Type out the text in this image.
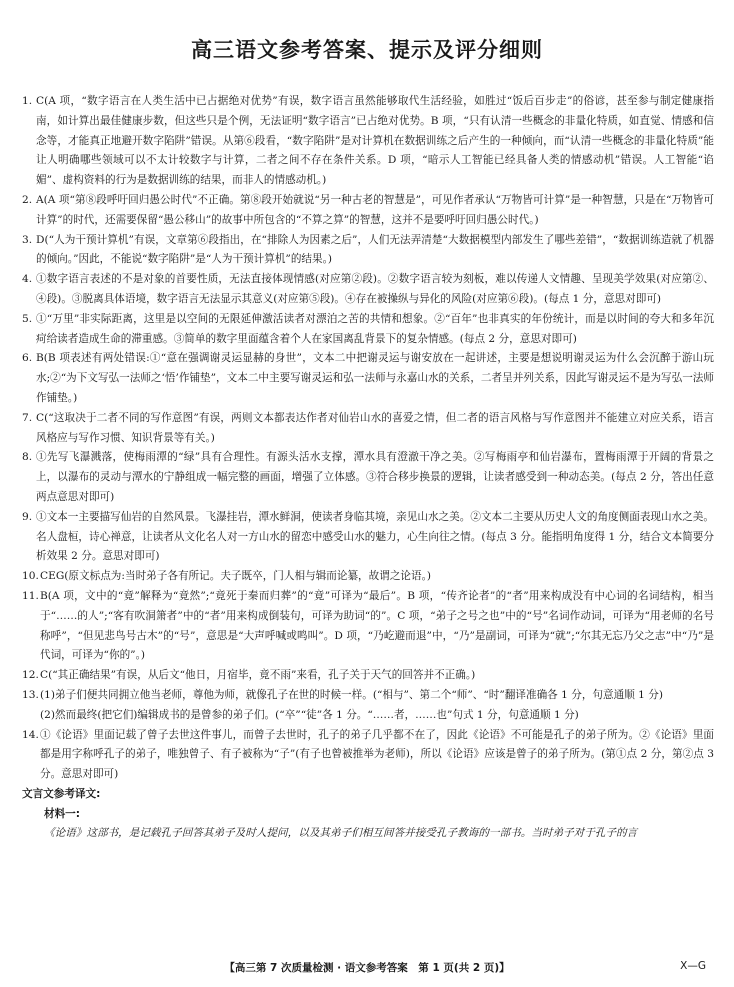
高三语文参考答案、提示及评分细则
1. C(A 项，“数字语言在人类生活中已占据绝对优势”有误，数字语言虽然能够取代生活经验，如胜过“饭后百步走”的俗谚，甚至参与制定健康指南，如计算出最佳健康步数，但这些只是个例，无法证明“数字语言”已占绝对优势。B 项，“只有认清一些概念的非量化特质，如直觉、情感和信念等，才能真正地避开数字陷阱”错误。从第⑥段看，“数字陷阱”是对计算机在数据训练之后产生的一种倾向，而“认清一些概念的非量化特质”能让人明确哪些领域可以不太计较数字与计算，二者之间不存在条件关系。D 项，“暗示人工智能已经具备人类的情感动机”错误。人工智能“谄媚”、虚构资料的行为是数据训练的结果，而非人的情感动机。)
2. A(A 项“第⑧段呼吁回归愚公时代”不正确。第⑧段开始就说“另一种古老的智慧是”，可见作者承认“万物皆可计算”是一种智慧，只是在“万物皆可计算”的时代，还需要保留“愚公移山”的故事中所包含的“不算之算”的智慧，这并不是要呼吁回归愚公时代。)
3. D(“人为干预计算机”有误，文章第⑥段指出，在“排除人为因素之后”，人们无法弄清楚“大数据模型内部发生了哪些差错”，“数据训练造就了机器的倾向。”因此，不能说“数字陷阱”是“人为干预计算机”的结果。)
4. ①数字语言表述的不是对象的首要性质，无法直接体现情感(对应第②段)。②数字语言较为刻板，难以传递人文情趣、呈现美学效果(对应第②、④段)。③脱离具体语境，数字语言无法显示其意义(对应第⑤段)。④存在被操纵与异化的风险(对应第⑥段)。(每点 1 分，意思对即可)
5. ①“万里”非实际距离，这里是以空间的无限延伸激活读者对漂泊之苦的共情和想象。②“百年”也非真实的年份统计，而是以时间的夸大和多年沉疴给读者造成生命的滞重感。③简单的数字里面蕴含着个人在家国离乱背景下的复杂情感。(每点 2 分，意思对即可)
6. B(B 项表述有两处错误:①“意在强调谢灵运显赫的身世”，文本二中把谢灵运与谢安放在一起讲述，主要是想说明谢灵运为什么会沉醉于游山玩水;②“为下文写弘一法师之‘悟’作铺垫”，文本二中主要写谢灵运和弘一法师与永嘉山水的关系，二者呈并列关系，因此写谢灵运不是为写弘一法师作铺垫。)
7. C(“这取决于二者不同的写作意图”有误，两则文本都表达作者对仙岩山水的喜爱之情，但二者的语言风格与写作意图并不能建立对应关系，语言风格应与写作习惯、知识背景等有关。)
8. ①先写飞瀑溅落，使梅雨潭的“绿”具有合理性。有源头活水支撑，潭水具有澄澈干净之美。②写梅雨亭和仙岩瀑布，置梅雨潭于开阔的背景之上，以瀑布的灵动与潭水的宁静组成一幅完整的画面，增强了立体感。③符合移步换景的逻辑，让读者感受到一种动态美。(每点 2 分，答出任意两点意思对即可)
9. ①文本一主要描写仙岩的自然风景。飞瀑挂岩，潭水鲜洞，使读者身临其境，亲见山水之美。②文本二主要从历史人文的角度侧面表现山水之美。名人盘桓，诗心禅意，让读者从文化名人对一方山水的留恋中感受山水的魅力，心生向往之情。(每点 3 分。能指明角度得 1 分，结合文本简要分析效果 2 分。意思对即可)
10. CEG(原文标点为:当时弟子各有所记。夫子既卒，门人相与辑而论纂，故谓之论语。)
11. B(A 项，文中的“竟”解释为“竟然”;“竟死于秦而归葬”的“竟”可译为“最后”。B 项，“传齐论者”的“者”用来构成没有中心词的名词结构，相当于“……的人”;“客有吹洞箫者”中的“者”用来构成倒装句，可译为助词“的”。C 项，“弟子之号之也”中的“号”名词作动词，可译为“用老师的名号称呼”，“但见悲鸟号古木”的“号”，意思是“大声呼喊或鸣叫”。D 项，“乃屹避而退”中，“乃”是副词，可译为“就”;“尔其无忘乃父之志”中“乃”是代词，可译为“你的”。)
12. C(“其正确结果”有误，从后文“他日，月宿毕，竟不雨”来看，孔子关于天气的回答并不正确。)
13. (1)弟子们便共同拥立他当老师，尊他为师，就像孔子在世的时候一样。(“相与”、第二个“师”、“时”翻译准确各 1 分，句意通顺 1 分)
(2)然而最终(把它们)编辑成书的是曾参的弟子们。(“卒”“徒”各 1 分。“……者，……也”句式 1 分，句意通顺 1 分)
14. ①《论语》里面记载了曾子去世这件事儿，而曾子去世时，孔子的弟子几乎都不在了，因此《论语》不可能是孔子的弟子所为。②《论语》里面都是用字称呼孔子的弟子，唯独曾子、有子被称为“子”(有子也曾被推举为老师)，所以《论语》应该是曾子的弟子所为。(第①点 2 分，第②点 3 分。意思对即可)
文言文参考译文:
材料一:
《论语》这部书，是记载孔子回答其弟子及时人提问，以及其弟子们相互间答并接受孔子教诲的一部书。当时弟子对于孔子的言
【高三第 7 次质量检测 · 语文参考答案　第 1 页(共 2 页)】	X—G
